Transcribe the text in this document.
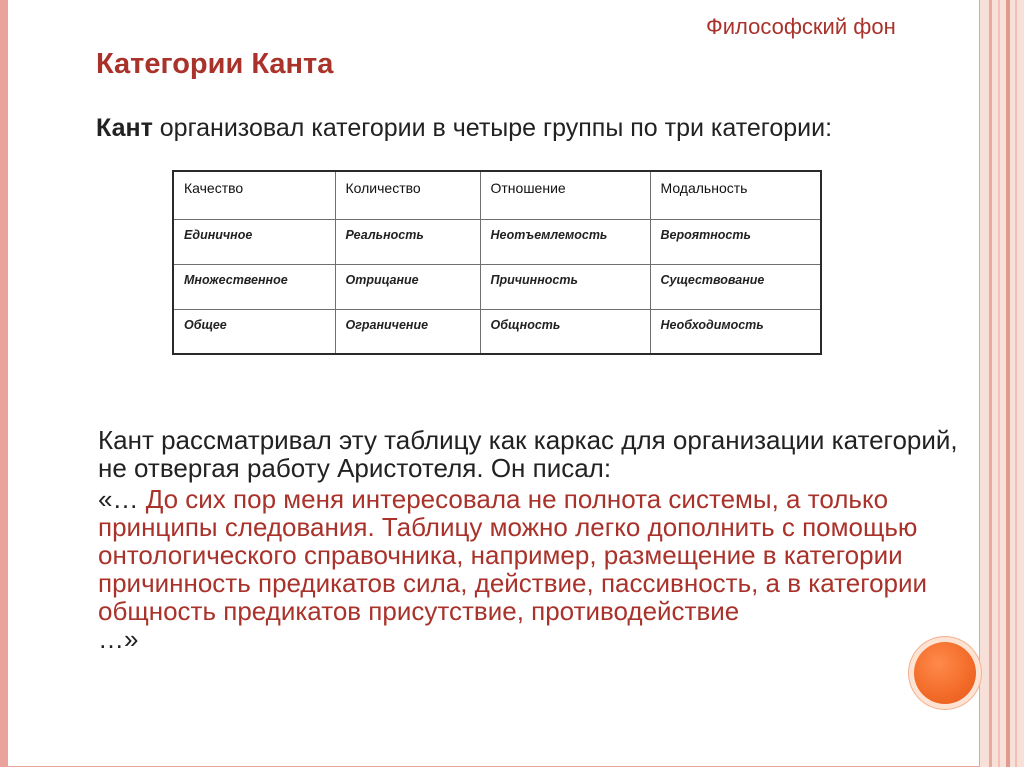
Философский фон
Категории Канта
Кант организовал категории в четыре группы по три категории:
Качество	Количество	Отношение	Модальность
Единичное	Реальность	Неотъемлемость	Вероятность
Множественное	Отрицание	Причинность	Существование
Общее	Ограничение	Общность	Необходимость
Кант рассматривал эту таблицу как каркас для организации категорий, не отвергая работу Аристотеля. Он писал:
«… До сих пор меня интересовала не полнота системы, а только принципы следования. Таблицу можно легко дополнить с помощью онтологического справочника, например, размещение в категории причинность предикатов сила, действие, пассивность, а в категории общность предикатов присутствие, противодействие
…»
